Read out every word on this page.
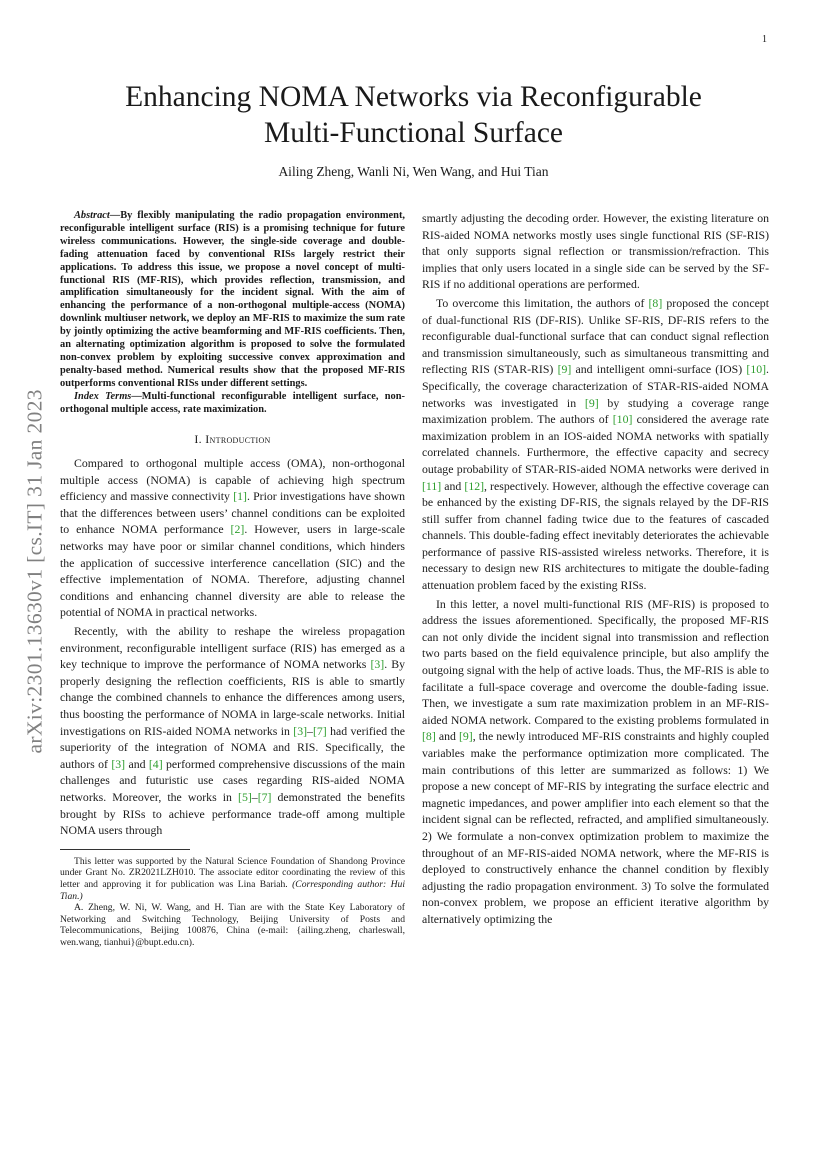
1
arXiv:2301.13630v1 [cs.IT] 31 Jan 2023
Enhancing NOMA Networks via Reconfigurable
Multi-Functional Surface
Ailing Zheng, Wanli Ni, Wen Wang, and Hui Tian

Abstract—By flexibly manipulating the radio propagation environment, reconfigurable intelligent surface (RIS) is a promising technique for future wireless communications. However, the single-side coverage and double-fading attenuation faced by conventional RISs largely restrict their applications. To address this issue, we propose a novel concept of multi-functional RIS (MF-RIS), which provides reflection, transmission, and amplification simultaneously for the incident signal. With the aim of enhancing the performance of a non-orthogonal multiple-access (NOMA) downlink multiuser network, we deploy an MF-RIS to maximize the sum rate by jointly optimizing the active beamforming and MF-RIS coefficients. Then, an alternating optimization algorithm is proposed to solve the formulated non-convex problem by exploiting successive convex approximation and penalty-based method. Numerical results show that the proposed MF-RIS outperforms conventional RISs under different settings.

Index Terms—Multi-functional reconfigurable intelligent surface, non-orthogonal multiple access, rate maximization.

I. Introduction

Compared to orthogonal multiple access (OMA), non-orthogonal multiple access (NOMA) is capable of achieving high spectrum efficiency and massive connectivity [1]. Prior investigations have shown that the differences between users’ channel conditions can be exploited to enhance NOMA performance [2]. However, users in large-scale networks may have poor or similar channel conditions, which hinders the application of successive interference cancellation (SIC) and the effective implementation of NOMA. Therefore, adjusting channel conditions and enhancing channel diversity are able to release the potential of NOMA in practical networks.

Recently, with the ability to reshape the wireless propagation environment, reconfigurable intelligent surface (RIS) has emerged as a key technique to improve the performance of NOMA networks [3]. By properly designing the reflection coefficients, RIS is able to smartly change the combined channels to enhance the differences among users, thus boosting the performance of NOMA in large-scale networks. Initial investigations on RIS-aided NOMA networks in [3]–[7] had verified the superiority of the integration of NOMA and RIS. Specifically, the authors of [3] and [4] performed comprehensive discussions of the main challenges and futuristic use cases regarding RIS-aided NOMA networks. Moreover, the works in [5]–[7] demonstrated the benefits brought by RISs to achieve performance trade-off among multiple NOMA users through

This letter was supported by the Natural Science Foundation of Shandong Province under Grant No. ZR2021LZH010. The associate editor coordinating the review of this letter and approving it for publication was Lina Bariah. (Corresponding author: Hui Tian.)

A. Zheng, W. Ni, W. Wang, and H. Tian are with the State Key Laboratory of Networking and Switching Technology, Beijing University of Posts and Telecommunications, Beijing 100876, China (e-mail: {ailing.zheng, charleswall, wen.wang, tianhui}@bupt.edu.cn).

smartly adjusting the decoding order. However, the existing literature on RIS-aided NOMA networks mostly uses single functional RIS (SF-RIS) that only supports signal reflection or transmission/refraction. This implies that only users located in a single side can be served by the SF-RIS if no additional operations are performed.

To overcome this limitation, the authors of [8] proposed the concept of dual-functional RIS (DF-RIS). Unlike SF-RIS, DF-RIS refers to the reconfigurable dual-functional surface that can conduct signal reflection and transmission simultaneously, such as simultaneous transmitting and reflecting RIS (STAR-RIS) [9] and intelligent omni-surface (IOS) [10]. Specifically, the coverage characterization of STAR-RIS-aided NOMA networks was investigated in [9] by studying a coverage range maximization problem. The authors of [10] considered the average rate maximization problem in an IOS-aided NOMA networks with spatially correlated channels. Furthermore, the effective capacity and secrecy outage probability of STAR-RIS-aided NOMA networks were derived in [11] and [12], respectively. However, although the effective coverage can be enhanced by the existing DF-RIS, the signals relayed by the DF-RIS still suffer from channel fading twice due to the features of cascaded channels. This double-fading effect inevitably deteriorates the achievable performance of passive RIS-assisted wireless networks. Therefore, it is necessary to design new RIS architectures to mitigate the double-fading attenuation problem faced by the existing RISs.

In this letter, a novel multi-functional RIS (MF-RIS) is proposed to address the issues aforementioned. Specifically, the proposed MF-RIS can not only divide the incident signal into transmission and reflection two parts based on the field equivalence principle, but also amplify the outgoing signal with the help of active loads. Thus, the MF-RIS is able to facilitate a full-space coverage and overcome the double-fading issue. Then, we investigate a sum rate maximization problem in an MF-RIS-aided NOMA network. Compared to the existing problems formulated in [8] and [9], the newly introduced MF-RIS constraints and highly coupled variables make the performance optimization more complicated. The main contributions of this letter are summarized as follows: 1) We propose a new concept of MF-RIS by integrating the surface electric and magnetic impedances, and power amplifier into each element so that the incident signal can be reflected, refracted, and amplified simultaneously. 2) We formulate a non-convex optimization problem to maximize the throughout of an MF-RIS-aided NOMA network, where the MF-RIS is deployed to constructively enhance the channel condition by flexibly adjusting the radio propagation environment. 3) To solve the formulated non-convex problem, we propose an efficient iterative algorithm by alternatively optimizing the
